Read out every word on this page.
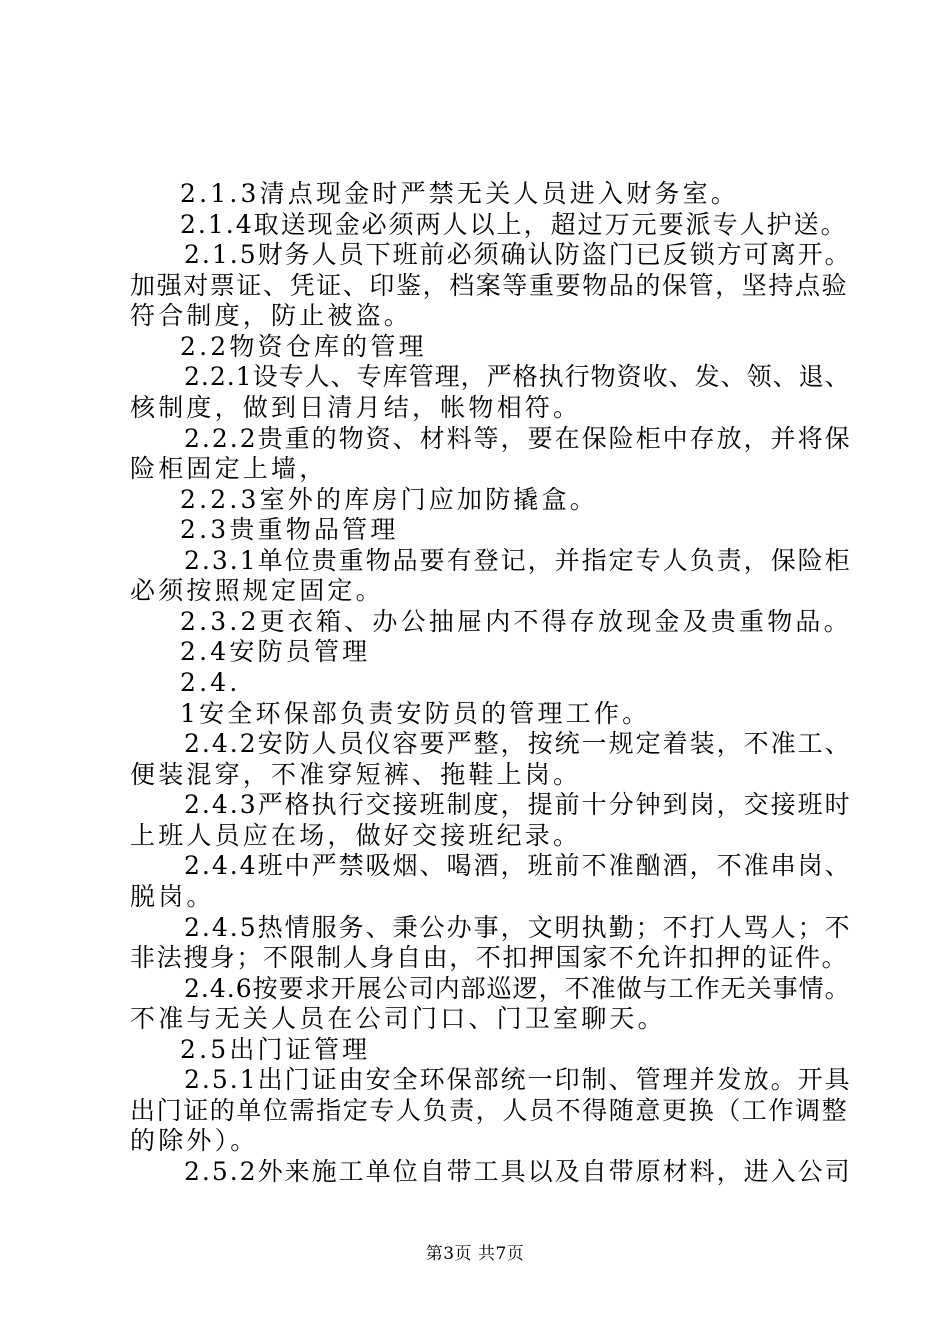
2.1.3清点现金时严禁无关人员进入财务室。
2.1.4取送现金必须两人以上，超过万元要派专人护送。
2.1.5财务人员下班前必须确认防盗门已反锁方可离开。
加强对票证、凭证、印鉴，档案等重要物品的保管，坚持点验
符合制度，防止被盗。
2.2物资仓库的管理
2.2.1设专人、专库管理，严格执行物资收、发、领、退、
核制度，做到日清月结，帐物相符。
2.2.2贵重的物资、材料等，要在保险柜中存放，并将保
险柜固定上墙，
2.2.3室外的库房门应加防撬盒。
2.3贵重物品管理
2.3.1单位贵重物品要有登记，并指定专人负责，保险柜
必须按照规定固定。
2.3.2更衣箱、办公抽屉内不得存放现金及贵重物品。
2.4安防员管理
2.4.
1安全环保部负责安防员的管理工作。
2.4.2安防人员仪容要严整，按统一规定着装，不准工、
便装混穿，不准穿短裤、拖鞋上岗。
2.4.3严格执行交接班制度，提前十分钟到岗，交接班时
上班人员应在场，做好交接班纪录。
2.4.4班中严禁吸烟、喝酒，班前不准酗酒，不准串岗、
脱岗。
2.4.5热情服务、秉公办事，文明执勤；不打人骂人；不
非法搜身；不限制人身自由，不扣押国家不允许扣押的证件。
2.4.6按要求开展公司内部巡逻，不准做与工作无关事情。
不准与无关人员在公司门口、门卫室聊天。
2.5出门证管理
2.5.1出门证由安全环保部统一印制、管理并发放。开具
出门证的单位需指定专人负责，人员不得随意更换（工作调整
的除外）。
2.5.2外来施工单位自带工具以及自带原材料，进入公司
第3页 共7页
